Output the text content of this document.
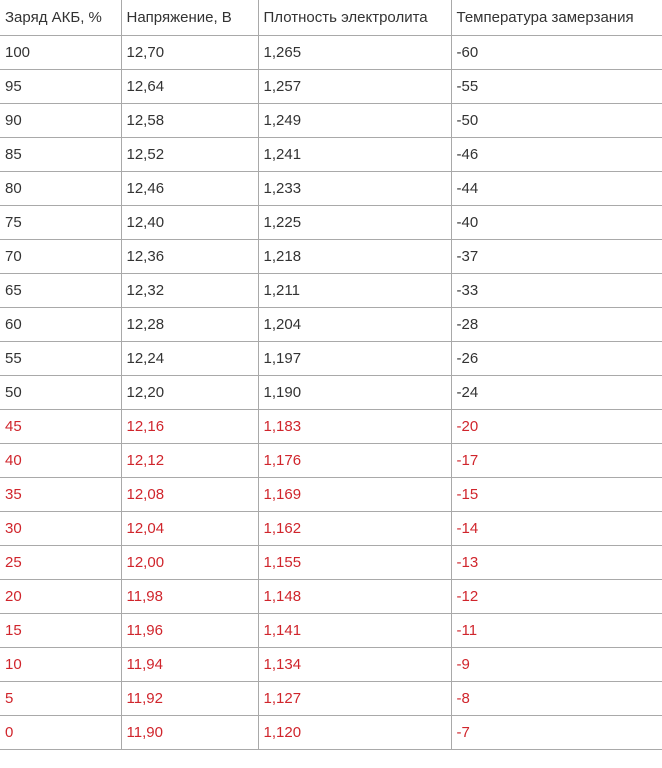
Заряд АКБ, %	Напряжение, В	Плотность электролита	Температура замерзания
100	12,70	1,265	-60
95	12,64	1,257	-55
90	12,58	1,249	-50
85	12,52	1,241	-46
80	12,46	1,233	-44
75	12,40	1,225	-40
70	12,36	1,218	-37
65	12,32	1,211	-33
60	12,28	1,204	-28
55	12,24	1,197	-26
50	12,20	1,190	-24
45	12,16	1,183	-20
40	12,12	1,176	-17
35	12,08	1,169	-15
30	12,04	1,162	-14
25	12,00	1,155	-13
20	11,98	1,148	-12
15	11,96	1,141	-11
10	11,94	1,134	-9
5	11,92	1,127	-8
0	11,90	1,120	-7
